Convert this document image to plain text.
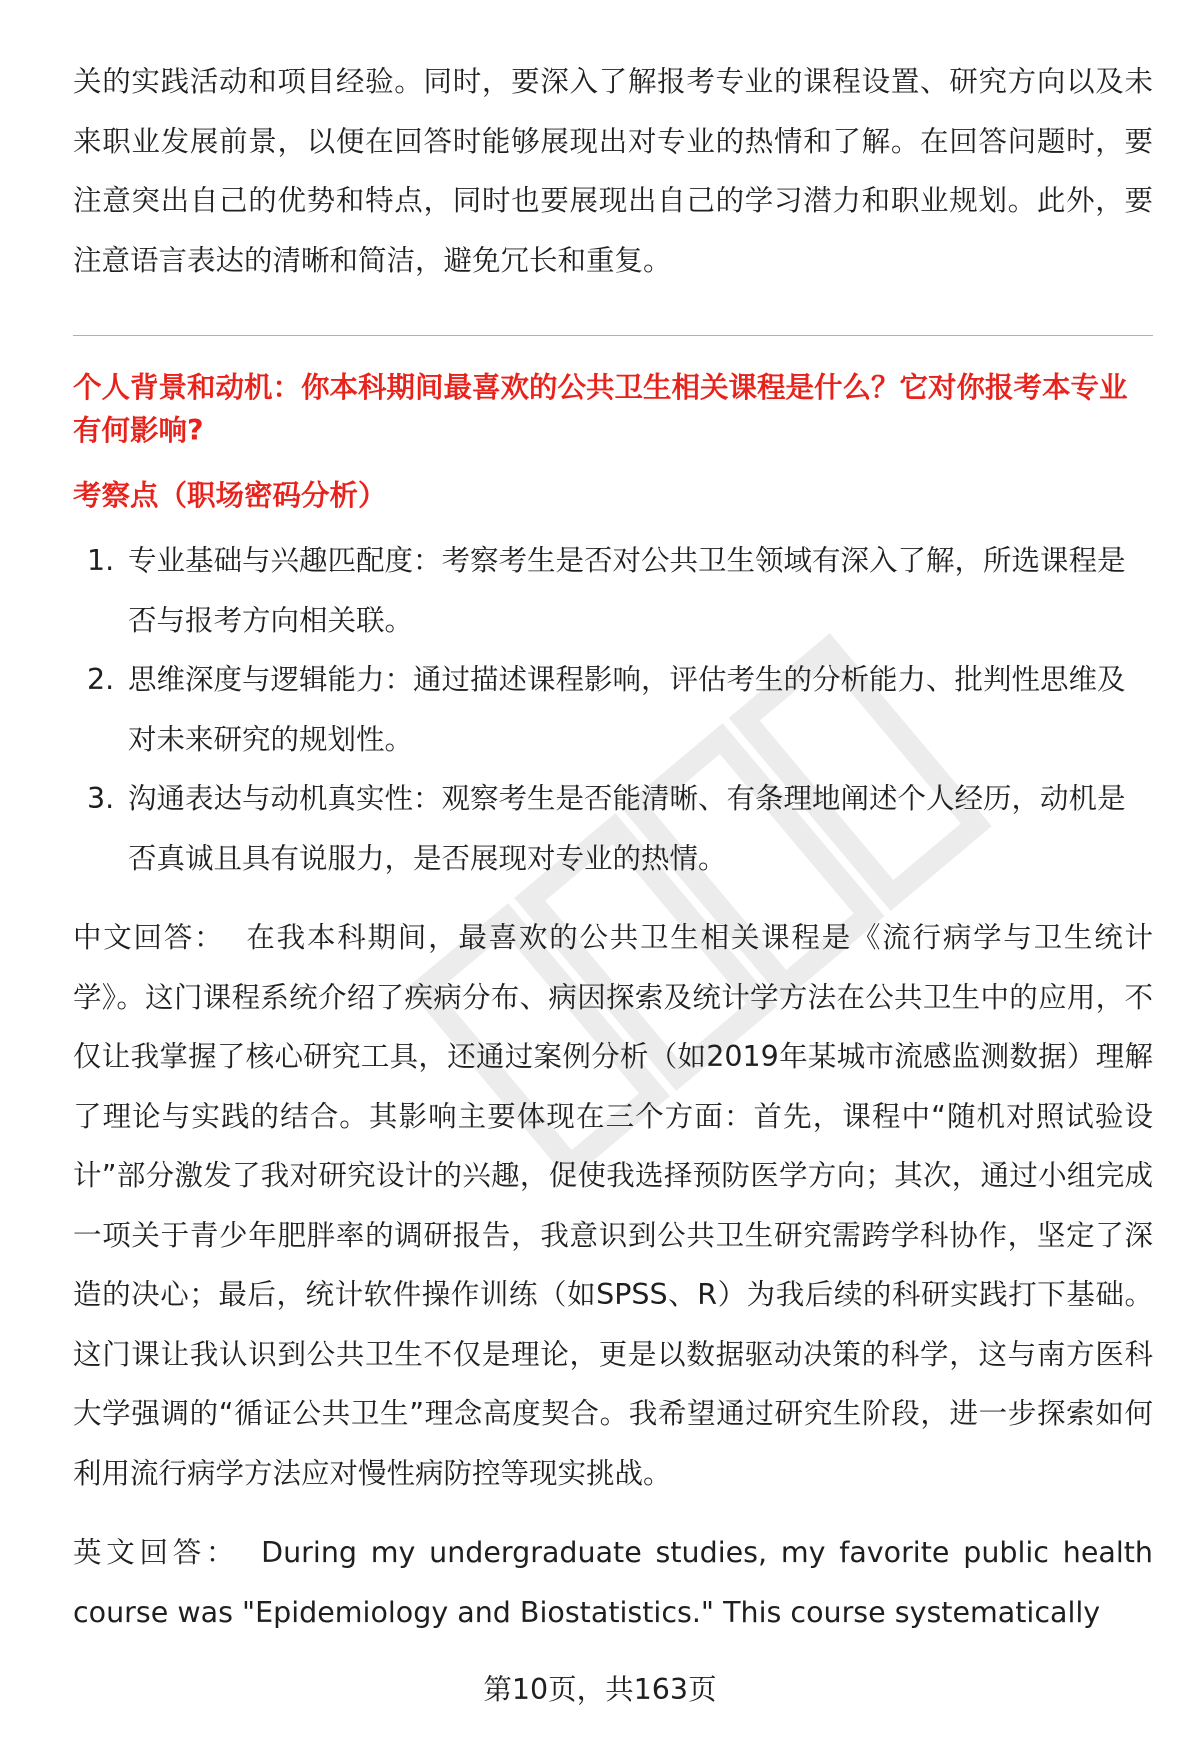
关的实践活动和项目经验。同时，要深入了解报考专业的课程设置、研究方向以及未来职业发展前景，以便在回答时能够展现出对专业的热情和了解。在回答问题时，要注意突出自己的优势和特点，同时也要展现出自己的学习潜力和职业规划。此外，要注意语言表达的清晰和简洁，避免冗长和重复。

个人背景和动机：你本科期间最喜欢的公共卫生相关课程是什么？它对你报考本专业有何影响?

考察点（职场密码分析）

1. 专业基础与兴趣匹配度：考察考生是否对公共卫生领域有深入了解，所选课程是否与报考方向相关联。
2. 思维深度与逻辑能力：通过描述课程影响，评估考生的分析能力、批判性思维及对未来研究的规划性。
3. 沟通表达与动机真实性：观察考生是否能清晰、有条理地阐述个人经历，动机是否真诚且具有说服力，是否展现对专业的热情。

中文回答： 在我本科期间，最喜欢的公共卫生相关课程是《流行病学与卫生统计学》。这门课程系统介绍了疾病分布、病因探索及统计学方法在公共卫生中的应用，不仅让我掌握了核心研究工具，还通过案例分析（如2019年某城市流感监测数据）理解了理论与实践的结合。其影响主要体现在三个方面：首先，课程中“随机对照试验设计”部分激发了我对研究设计的兴趣，促使我选择预防医学方向；其次，通过小组完成一项关于青少年肥胖率的调研报告，我意识到公共卫生研究需跨学科协作，坚定了深造的决心；最后，统计软件操作训练（如SPSS、R）为我后续的科研实践打下基础。这门课让我认识到公共卫生不仅是理论，更是以数据驱动决策的科学，这与南方医科大学强调的“循证公共卫生”理念高度契合。我希望通过研究生阶段，进一步探索如何利用流行病学方法应对慢性病防控等现实挑战。

英文回答： During my undergraduate studies, my favorite public health course was "Epidemiology and Biostatistics." This course systematically

第10页，共163页
